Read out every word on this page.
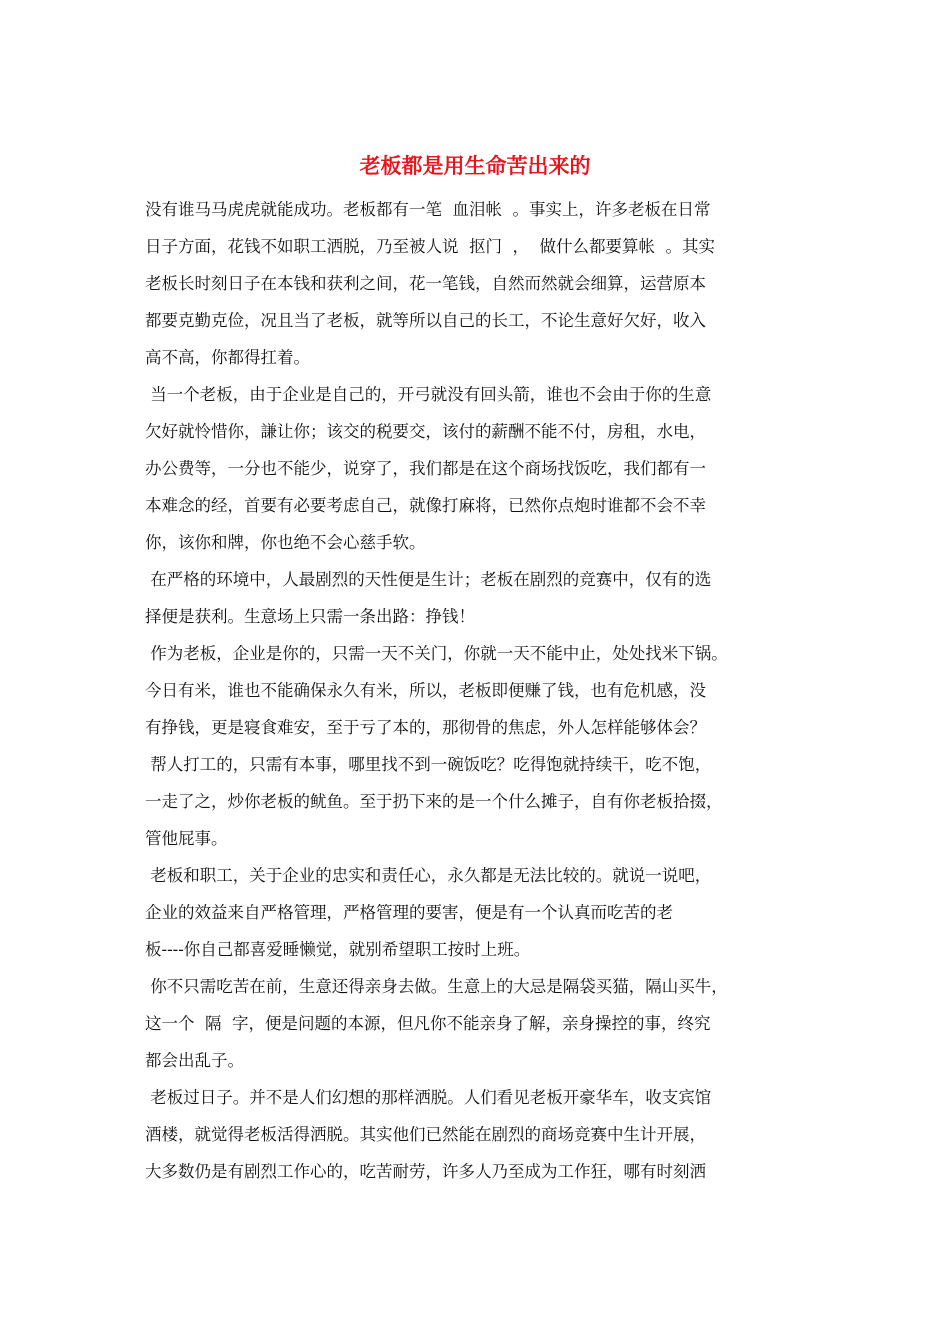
老板都是用生命苦出来的
没有谁马马虎虎就能成功。老板都有一笔  血泪帐  。事实上，许多老板在日常
日子方面，花钱不如职工洒脱，乃至被人说  抠门  ，  做什么都要算帐  。其实
老板长时刻日子在本钱和获利之间，花一笔钱，自然而然就会细算，运营原本
都要克勤克俭，况且当了老板，就等所以自己的长工，不论生意好欠好，收入
高不高，你都得扛着。
当一个老板，由于企业是自己的，开弓就没有回头箭，谁也不会由于你的生意
欠好就怜惜你，謙让你；该交的税要交，该付的薪酬不能不付，房租，水电，
办公费等，一分也不能少，说穿了，我们都是在这个商场找饭吃，我们都有一
本难念的经，首要有必要考虑自己，就像打麻将，已然你点炮时谁都不会不幸
你，该你和牌，你也绝不会心慈手软。
在严格的环境中，人最剧烈的天性便是生计；老板在剧烈的竞赛中，仅有的选
择便是获利。生意场上只需一条出路：挣钱！
作为老板，企业是你的，只需一天不关门，你就一天不能中止，处处找米下锅。
今日有米，谁也不能确保永久有米，所以，老板即便赚了钱，也有危机感，没
有挣钱，更是寝食难安，至于亏了本的，那彻骨的焦虑，外人怎样能够体会？
帮人打工的，只需有本事，哪里找不到一碗饭吃？吃得饱就持续干，吃不饱，
一走了之，炒你老板的鱿鱼。至于扔下来的是一个什么摊子，自有你老板拾掇，
管他屁事。
老板和职工，关于企业的忠实和责任心，永久都是无法比较的。就说一说吧，
企业的效益来自严格管理，严格管理的要害，便是有一个认真而吃苦的老
板----你自己都喜爱睡懒觉，就别希望职工按时上班。
你不只需吃苦在前，生意还得亲身去做。生意上的大忌是隔袋买猫，隔山买牛，
这一个  隔  字，便是问题的本源，但凡你不能亲身了解，亲身操控的事，终究
都会出乱子。
老板过日子。并不是人们幻想的那样洒脱。人们看见老板开豪华车，收支宾馆
酒楼，就觉得老板活得洒脱。其实他们已然能在剧烈的商场竞赛中生计开展，
大多数仍是有剧烈工作心的，吃苦耐劳，许多人乃至成为工作狂，哪有时刻洒
